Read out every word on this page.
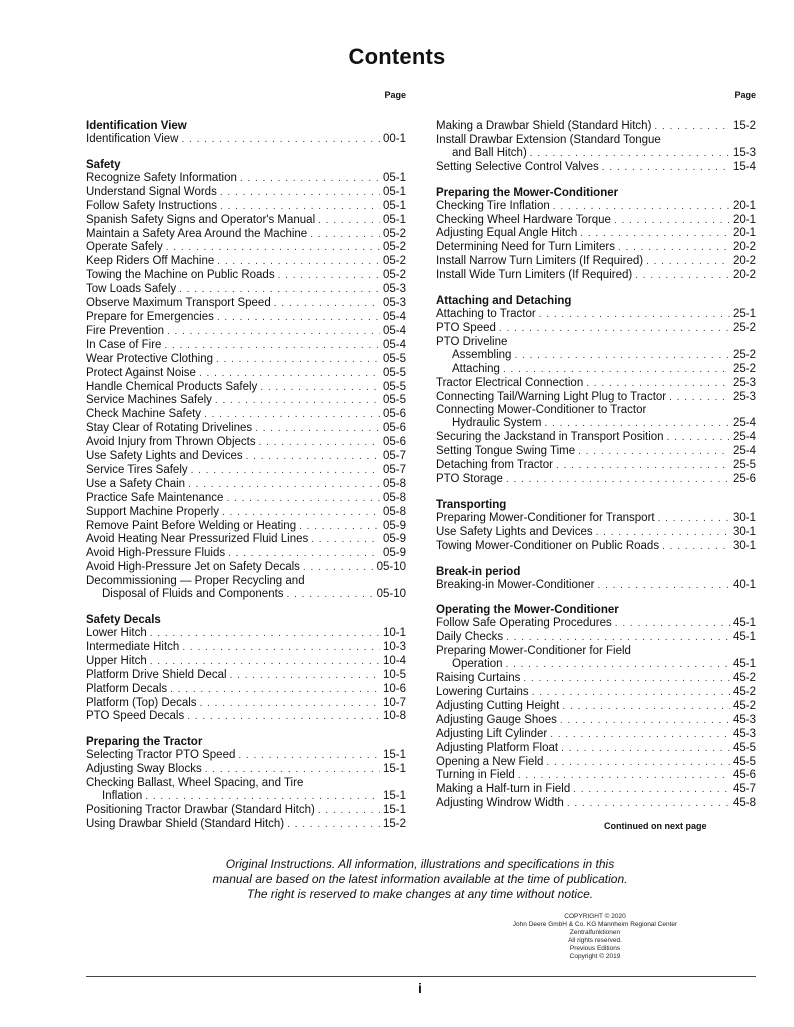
Contents
Page
Identification View
Identification View . . .	00-1
Safety
Recognize Safety Information . . .	05-1
Understand Signal Words . . .	05-1
Follow Safety Instructions . . .	05-1
Spanish Safety Signs and Operator's Manual . . .	05-1
Maintain a Safety Area Around the Machine . . .	05-2
Operate Safely . . .	05-2
Keep Riders Off Machine . . .	05-2
Towing the Machine on Public Roads . . .	05-2
Tow Loads Safely . . .	05-3
Observe Maximum Transport Speed . . .	05-3
Prepare for Emergencies . . .	05-4
Fire Prevention . . .	05-4
In Case of Fire . . .	05-4
Wear Protective Clothing . . .	05-5
Protect Against Noise . . .	05-5
Handle Chemical Products Safely . . .	05-5
Service Machines Safely . . .	05-5
Check Machine Safety . . .	05-6
Stay Clear of Rotating Drivelines . . .	05-6
Avoid Injury from Thrown Objects . . .	05-6
Use Safety Lights and Devices . . .	05-7
Service Tires Safely . . .	05-7
Use a Safety Chain . . .	05-8
Practice Safe Maintenance . . .	05-8
Support Machine Properly . . .	05-8
Remove Paint Before Welding or Heating . . .	05-9
Avoid Heating Near Pressurized Fluid Lines . . .	05-9
Avoid High-Pressure Fluids . . .	05-9
Avoid High-Pressure Jet on Safety Decals . . .	05-10
Decommissioning — Proper Recycling and
Disposal of Fluids and Components . . .	05-10
Safety Decals
Lower Hitch . . .	10-1
Intermediate Hitch . . .	10-3
Upper Hitch . . .	10-4
Platform Drive Shield Decal . . .	10-5
Platform Decals . . .	10-6
Platform (Top) Decals . . .	10-7
PTO Speed Decals . . .	10-8
Preparing the Tractor
Selecting Tractor PTO Speed . . .	15-1
Adjusting Sway Blocks . . .	15-1
Checking Ballast, Wheel Spacing, and Tire
Inflation . . .	15-1
Positioning Tractor Drawbar (Standard Hitch) . . .	15-1
Using Drawbar Shield (Standard Hitch) . . .	15-2
Page
Making a Drawbar Shield (Standard Hitch) . . .	15-2
Install Drawbar Extension (Standard Tongue
and Ball Hitch) . . .	15-3
Setting Selective Control Valves . . .	15-4
Preparing the Mower-Conditioner
Checking Tire Inflation . . .	20-1
Checking Wheel Hardware Torque . . .	20-1
Adjusting Equal Angle Hitch . . .	20-1
Determining Need for Turn Limiters . . .	20-2
Install Narrow Turn Limiters (If Required) . . .	20-2
Install Wide Turn Limiters (If Required) . . .	20-2
Attaching and Detaching
Attaching to Tractor . . .	25-1
PTO Speed . . .	25-2
PTO Driveline
Assembling . . .	25-2
Attaching . . .	25-2
Tractor Electrical Connection . . .	25-3
Connecting Tail/Warning Light Plug to Tractor . . .	25-3
Connecting Mower-Conditioner to Tractor
Hydraulic System . . .	25-4
Securing the Jackstand in Transport Position . . .	25-4
Setting Tongue Swing Time . . .	25-4
Detaching from Tractor . . .	25-5
PTO Storage . . .	25-6
Transporting
Preparing Mower-Conditioner for Transport . . .	30-1
Use Safety Lights and Devices . . .	30-1
Towing Mower-Conditioner on Public Roads . . .	30-1
Break-in period
Breaking-in Mower-Conditioner . . .	40-1
Operating the Mower-Conditioner
Follow Safe Operating Procedures . . .	45-1
Daily Checks . . .	45-1
Preparing Mower-Conditioner for Field
Operation . . .	45-1
Raising Curtains . . .	45-2
Lowering Curtains . . .	45-2
Adjusting Cutting Height . . .	45-2
Adjusting Gauge Shoes . . .	45-3
Adjusting Lift Cylinder . . .	45-3
Adjusting Platform Float . . .	45-5
Opening a New Field . . .	45-5
Turning in Field . . .	45-6
Making a Half-turn in Field . . .	45-7
Adjusting Windrow Width . . .	45-8
Continued on next page
Original Instructions. All information, illustrations and specifications in this
manual are based on the latest information available at the time of publication.
The right is reserved to make changes at any time without notice.
COPYRIGHT © 2020
John Deere GmbH & Co. KG Mannheim Regional Center
Zentralfunktionen
All rights reserved.
Previous Editions
Copyright © 2019
i
